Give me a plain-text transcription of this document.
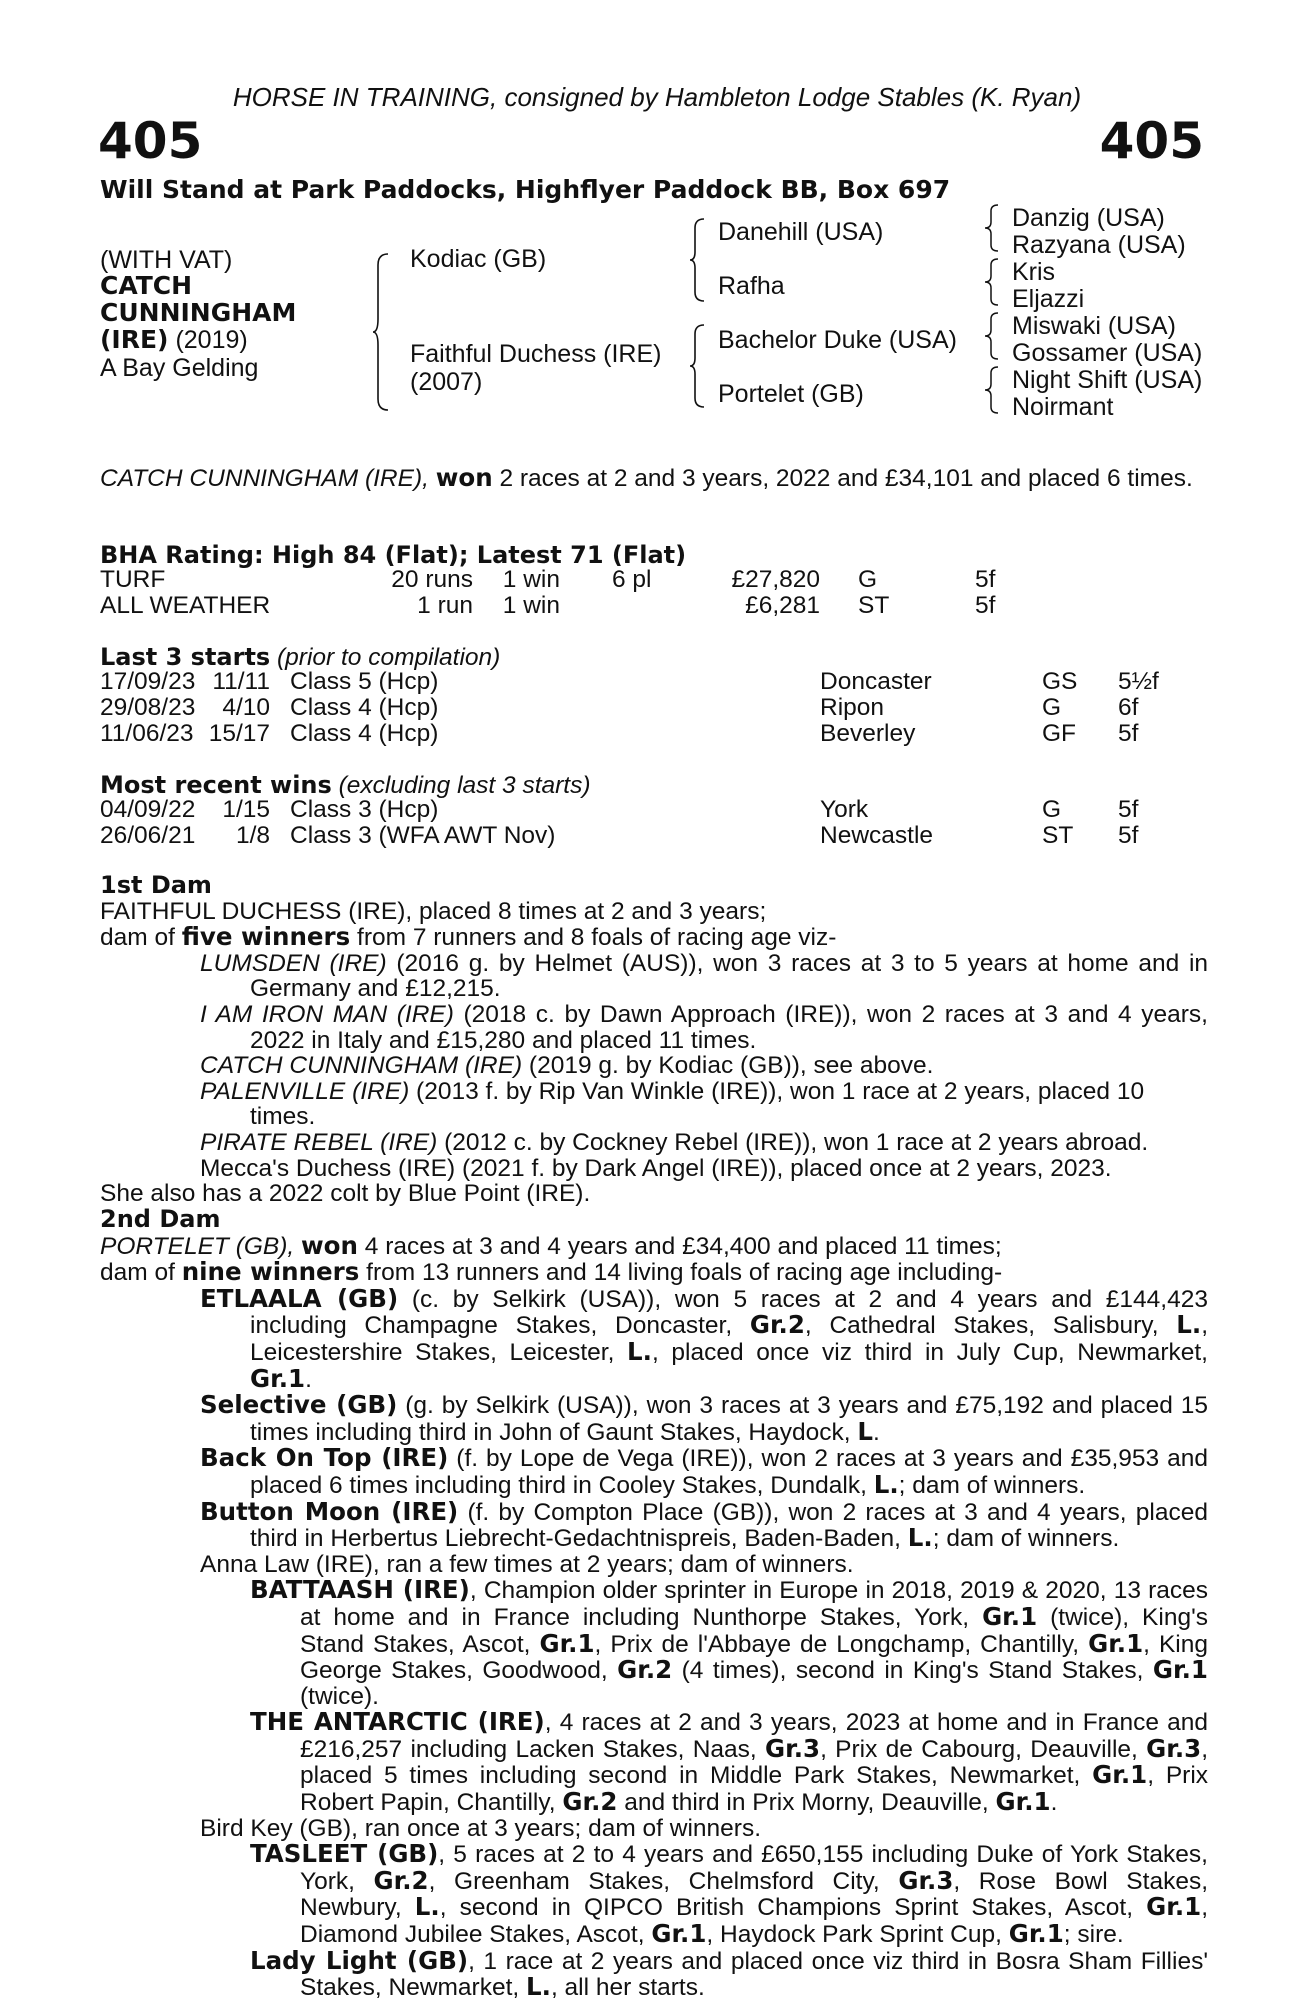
HORSE IN TRAINING, consigned by Hambleton Lodge Stables (K. Ryan)
405	405
Will Stand at Park Paddocks, Highflyer Paddock BB, Box 697
(WITH VAT)
CATCH
CUNNINGHAM
(IRE) (2019)
A Bay Gelding
Kodiac (GB)
Faithful Duchess (IRE)
(2007)
Danehill (USA)
Rafha
Bachelor Duke (USA)
Portelet (GB)
Danzig (USA)
Razyana (USA)
Kris
Eljazzi
Miswaki (USA)
Gossamer (USA)
Night Shift (USA)
Noirmant
CATCH CUNNINGHAM (IRE), won 2 races at 2 and 3 years, 2022 and £34,101 and placed 6 times.
BHA Rating: High 84 (Flat); Latest 71 (Flat)
TURF	20 runs	1 win 6 pl	£27,820 G	5f
ALL WEATHER	1 run	1 win	£6,281 ST	5f
Last 3 starts (prior to compilation)
17/09/23 11/11 Class 5 (Hcp)	Doncaster	GS 5½f
29/08/23	4/10 Class 4 (Hcp)	Ripon	G 6f
11/06/23 15/17 Class 4 (Hcp)	Beverley	GF 5f
Most recent wins (excluding last 3 starts)
04/09/22	1/15 Class 3 (Hcp)	York	G 5f
26/06/21	1/8 Class 3 (WFA AWT Nov)	Newcastle	ST 5f

1st Dam

FAITHFUL DUCHESS (IRE), placed 8 times at 2 and 3 years;

dam of five winners from 7 runners and 8 foals of racing age viz-

LUMSDEN (IRE) (2016 g. by Helmet (AUS)), won 3 races at 3 to 5 years at home and in Germany and £12,215.

I AM IRON MAN (IRE) (2018 c. by Dawn Approach (IRE)), won 2 races at 3 and 4 years, 2022 in Italy and £15,280 and placed 11 times.

CATCH CUNNINGHAM (IRE) (2019 g. by Kodiac (GB)), see above.

PALENVILLE (IRE) (2013 f. by Rip Van Winkle (IRE)), won 1 race at 2 years, placed 10 times.

PIRATE REBEL (IRE) (2012 c. by Cockney Rebel (IRE)), won 1 race at 2 years abroad.

Mecca's Duchess (IRE) (2021 f. by Dark Angel (IRE)), placed once at 2 years, 2023.

She also has a 2022 colt by Blue Point (IRE).

2nd Dam

PORTELET (GB), won 4 races at 3 and 4 years and £34,400 and placed 11 times;

dam of nine winners from 13 runners and 14 living foals of racing age including-

ETLAALA (GB) (c. by Selkirk (USA)), won 5 races at 2 and 4 years and £144,423 including Champagne Stakes, Doncaster, Gr.2, Cathedral Stakes, Salisbury, L., Leicestershire Stakes, Leicester, L., placed once viz third in July Cup, Newmarket, Gr.1.

Selective (GB) (g. by Selkirk (USA)), won 3 races at 3 years and £75,192 and placed 15 times including third in John of Gaunt Stakes, Haydock, L.

Back On Top (IRE) (f. by Lope de Vega (IRE)), won 2 races at 3 years and £35,953 and placed 6 times including third in Cooley Stakes, Dundalk, L.; dam of winners.

Button Moon (IRE) (f. by Compton Place (GB)), won 2 races at 3 and 4 years, placed third in Herbertus Liebrecht-Gedachtnispreis, Baden-Baden, L.; dam of winners.

Anna Law (IRE), ran a few times at 2 years; dam of winners.

BATTAASH (IRE), Champion older sprinter in Europe in 2018, 2019 & 2020, 13 races at home and in France including Nunthorpe Stakes, York, Gr.1 (twice), King's Stand Stakes, Ascot, Gr.1, Prix de l'Abbaye de Longchamp, Chantilly, Gr.1, King George Stakes, Goodwood, Gr.2 (4 times), second in King's Stand Stakes, Gr.1 (twice).

THE ANTARCTIC (IRE), 4 races at 2 and 3 years, 2023 at home and in France and £216,257 including Lacken Stakes, Naas, Gr.3, Prix de Cabourg, Deauville, Gr.3, placed 5 times including second in Middle Park Stakes, Newmarket, Gr.1, Prix Robert Papin, Chantilly, Gr.2 and third in Prix Morny, Deauville, Gr.1.

Bird Key (GB), ran once at 3 years; dam of winners.

TASLEET (GB), 5 races at 2 to 4 years and £650,155 including Duke of York Stakes, York, Gr.2, Greenham Stakes, Chelmsford City, Gr.3, Rose Bowl Stakes, Newbury, L., second in QIPCO British Champions Sprint Stakes, Ascot, Gr.1, Diamond Jubilee Stakes, Ascot, Gr.1, Haydock Park Sprint Cup, Gr.1; sire.

Lady Light (GB), 1 race at 2 years and placed once viz third in Bosra Sham Fillies' Stakes, Newmarket, L., all her starts.
